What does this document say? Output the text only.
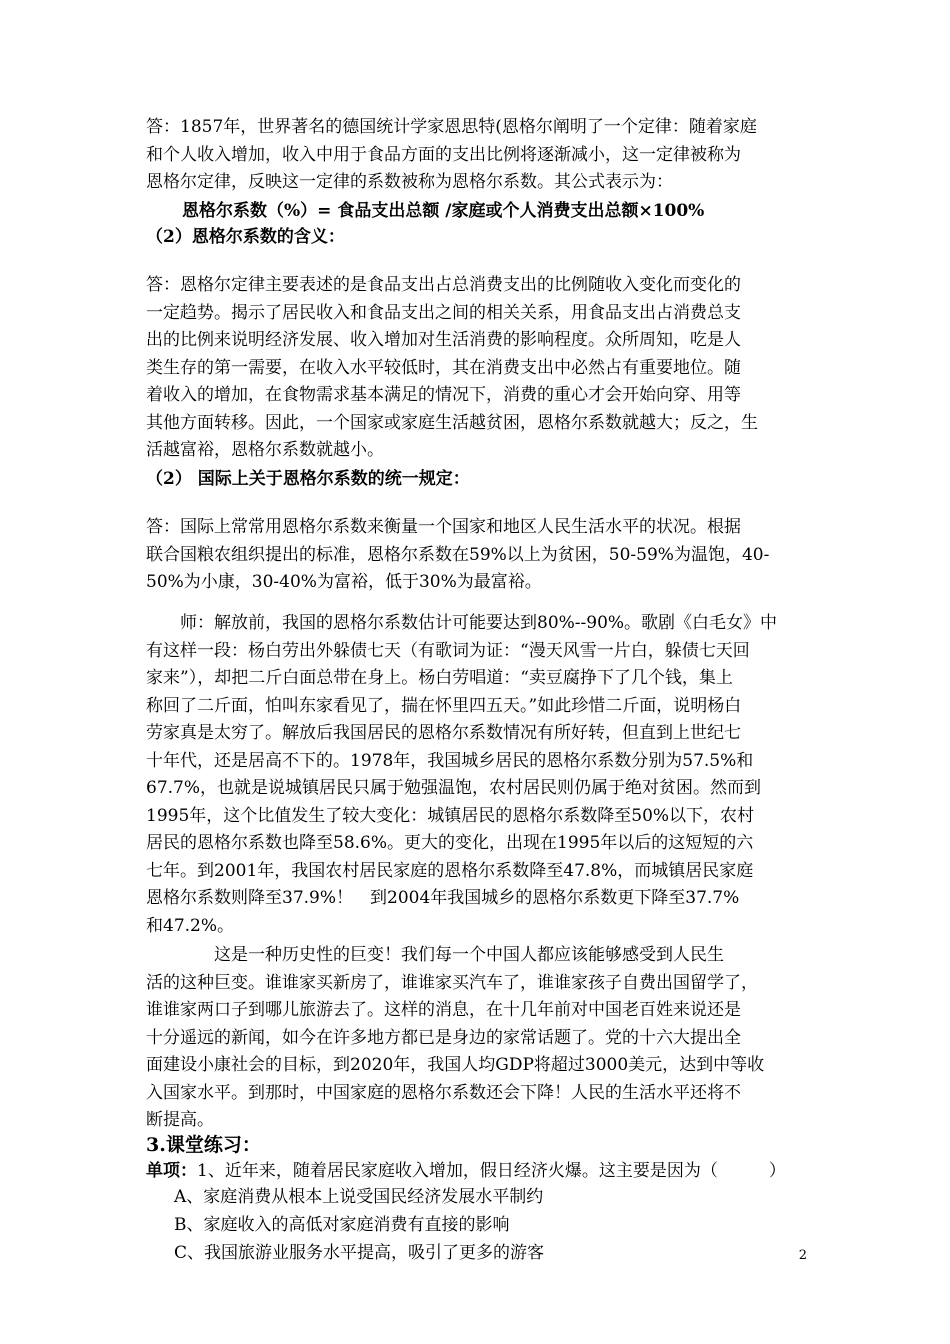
答：1857年，世界著名的德国统计学家恩思特(恩格尔阐明了一个定律：随着家庭
和个人收入增加，收入中用于食品方面的支出比例将逐渐减小，这一定律被称为
恩格尔定律，反映这一定律的系数被称为恩格尔系数。其公式表示为：
恩格尔系数（%）= 食品支出总额 /家庭或个人消费支出总额×100%
（2）恩格尔系数的含义：
答：恩格尔定律主要表述的是食品支出占总消费支出的比例随收入变化而变化的
一定趋势。揭示了居民收入和食品支出之间的相关关系，用食品支出占消费总支
出的比例来说明经济发展、收入增加对生活消费的影响程度。众所周知，吃是人
类生存的第一需要，在收入水平较低时，其在消费支出中必然占有重要地位。随
着收入的增加，在食物需求基本满足的情况下，消费的重心才会开始向穿、用等
其他方面转移。因此，一个国家或家庭生活越贫困，恩格尔系数就越大；反之，生
活越富裕，恩格尔系数就越小。
（2） 国际上关于恩格尔系数的统一规定：
答：国际上常常用恩格尔系数来衡量一个国家和地区人民生活水平的状况。根据
联合国粮农组织提出的标准，恩格尔系数在59%以上为贫困，50-59%为温饱，40-
50%为小康，30-40%为富裕，低于30%为最富裕。
　　师：解放前，我国的恩格尔系数估计可能要达到80%--90%。歌剧《白毛女》中
有这样一段：杨白劳出外躲债七天（有歌词为证：“漫天风雪一片白，躲债七天回
家来”），却把二斤白面总带在身上。杨白劳唱道：“卖豆腐挣下了几个钱，集上
称回了二斤面，怕叫东家看见了，揣在怀里四五天。”如此珍惜二斤面，说明杨白
劳家真是太穷了。解放后我国居民的恩格尔系数情况有所好转，但直到上世纪七
十年代，还是居高不下的。1978年，我国城乡居民的恩格尔系数分别为57.5%和
67.7%，也就是说城镇居民只属于勉强温饱，农村居民则仍属于绝对贫困。然而到
1995年，这个比值发生了较大变化：城镇居民的恩格尔系数降至50%以下，农村
居民的恩格尔系数也降至58.6%。更大的变化，出现在1995年以后的这短短的六
七年。到2001年，我国农村居民家庭的恩格尔系数降至47.8%，而城镇居民家庭
恩格尔系数则降至37.9%！　到2004年我国城乡的恩格尔系数更下降至37.7%
和47.2%。
　　　　这是一种历史性的巨变！我们每一个中国人都应该能够感受到人民生
活的这种巨变。谁谁家买新房了，谁谁家买汽车了，谁谁家孩子自费出国留学了，
谁谁家两口子到哪儿旅游去了。这样的消息，在十几年前对中国老百姓来说还是
十分遥远的新闻，如今在许多地方都已是身边的家常话题了。党的十六大提出全
面建设小康社会的目标，到2020年，我国人均GDP将超过3000美元，达到中等收
入国家水平。到那时，中国家庭的恩格尔系数还会下降！人民的生活水平还将不
断提高。
3.课堂练习：
单项：1、近年来，随着居民家庭收入增加，假日经济火爆。这主要是因为（　　　）
A、家庭消费从根本上说受国民经济发展水平制约
B、家庭收入的高低对家庭消费有直接的影响
C、我国旅游业服务水平提高，吸引了更多的游客	2
